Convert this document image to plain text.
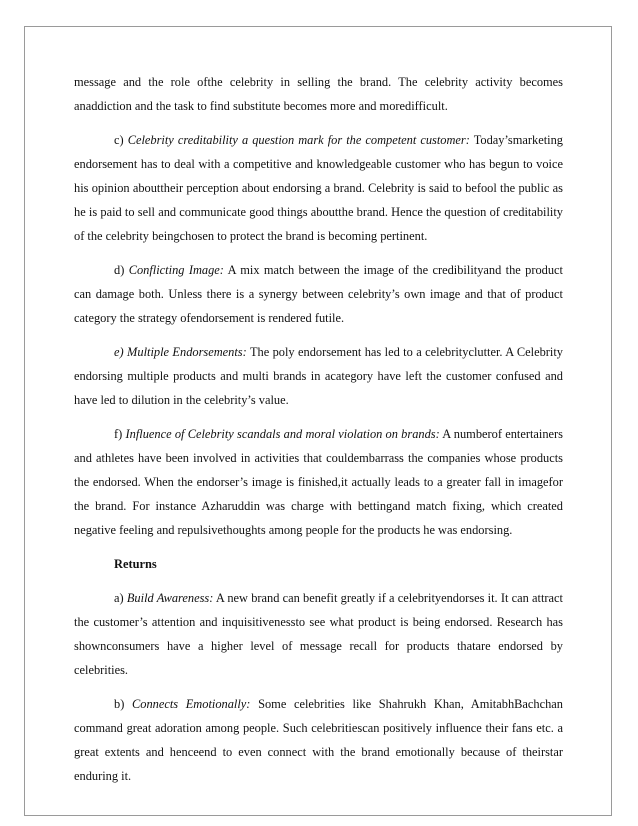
message and the role ofthe celebrity in selling the brand. The celebrity activity becomes anaddiction and the task to find substitute becomes more and moredifficult.

c) Celebrity creditability a question mark for the competent customer: Today’smarketing endorsement has to deal with a competitive and knowledgeable customer who has begun to voice his opinion abouttheir perception about endorsing a brand. Celebrity is said to befool the public as he is paid to sell and communicate good things aboutthe brand. Hence the question of creditability of the celebrity beingchosen to protect the brand is becoming pertinent.

d) Conflicting Image: A mix match between the image of the credibilityand the product can damage both. Unless there is a synergy between celebrity’s own image and that of product category the strategy ofendorsement is rendered futile.

e) Multiple Endorsements: The poly endorsement has led to a celebrityclutter. A Celebrity endorsing multiple products and multi brands in acategory have left the customer confused and have led to dilution in the celebrity’s value.

f) Influence of Celebrity scandals and moral violation on brands: A numberof entertainers and athletes have been involved in activities that couldembarrass the companies whose products the endorsed. When the endorser’s image is finished,it actually leads to a greater fall in imagefor the brand. For instance Azharuddin was charge with bettingand match fixing, which created negative feeling and repulsivethoughts among people for the products he was endorsing.

Returns

a) Build Awareness: A new brand can benefit greatly if a celebrityendorses it. It can attract the customer’s attention and inquisitivenessto see what product is being endorsed. Research has shownconsumers have a higher level of message recall for products thatare endorsed by celebrities.

b) Connects Emotionally: Some celebrities like Shahrukh Khan, AmitabhBachchan command great adoration among people. Such celebritiescan positively influence their fans etc. a great extents and henceend to even connect with the brand emotionally because of theirstar enduring it.
